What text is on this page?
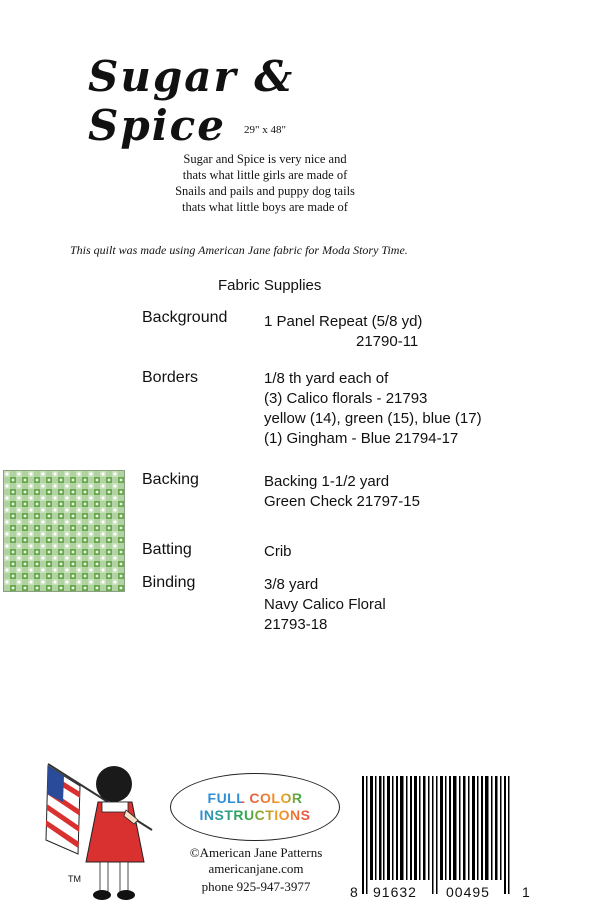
Sugar & Spice	29" x 48"
Sugar and Spice is very nice and
thats what little girls are made of
Snails and pails and puppy dog tails
thats what little boys are made of
This quilt was made using American Jane fabric for Moda Story Time.
Fabric Supplies
Background 1 Panel Repeat (5/8 yd)
21790-11
Borders	1/8 th yard each of
(3) Calico florals - 21793
yellow (14), green (15), blue (17)
(1) Gingham - Blue 21794-17
Backing	Backing 1-1/2 yard
Green Check 21797-15
Batting	Crib
Binding	3/8 yard
Navy Calico Floral
21793-18
TM
FULL COLOR
INSTRUCTIONS
©American Jane Patterns
americanjane.com
phone 925-947-3977	8 91632 00495 1
